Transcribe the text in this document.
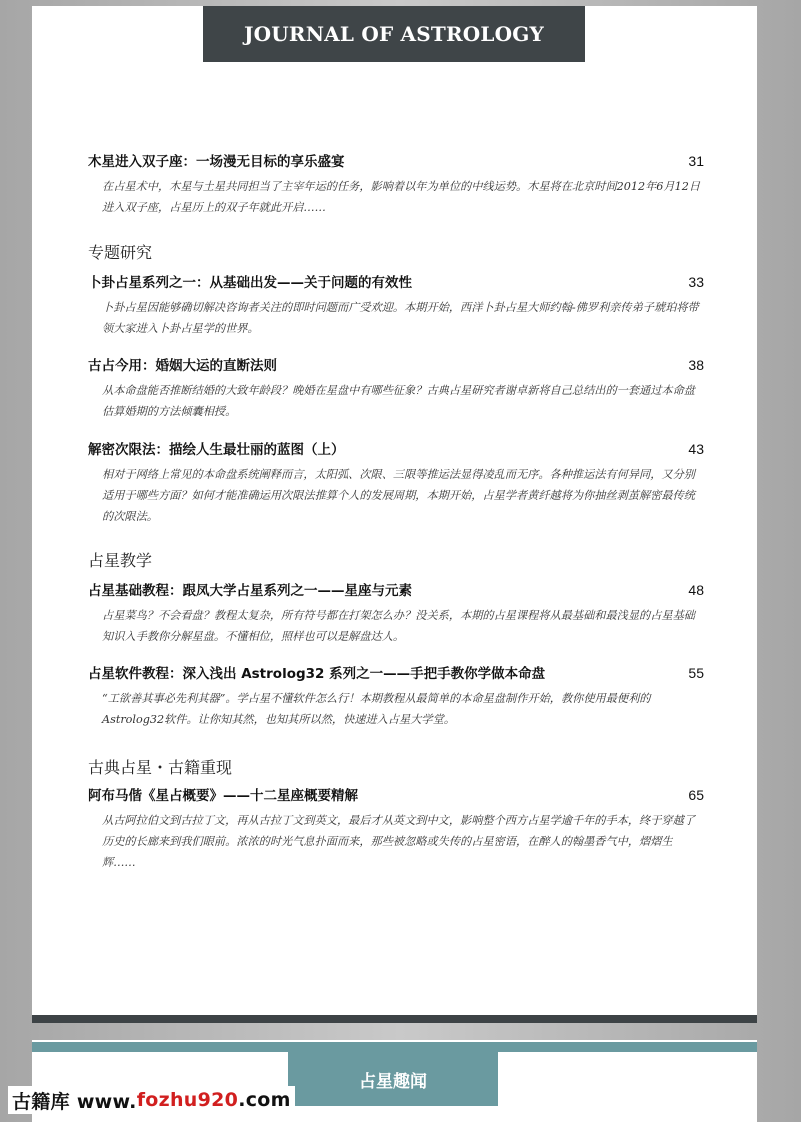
JOURNAL OF ASTROLOGY
木星进入双子座：一场漫无目标的享乐盛宴	31
在占星术中，木星与土星共同担当了主宰年运的任务，影响着以年为单位的中线运势。木星将在北京时间2012年6月12日进入双子座，占星历上的双子年就此开启……
专题研究
卜卦占星系列之一：从基础出发——关于问题的有效性	33
卜卦占星因能够确切解决咨询者关注的即时问题而广受欢迎。本期开始，西洋卜卦占星大师约翰-佛罗利亲传弟子琥珀将带领大家进入卜卦占星学的世界。
古占今用：婚姻大运的直断法则	38
从本命盘能否推断结婚的大致年龄段？晚婚在星盘中有哪些征象？古典占星研究者谢卓新将自己总结出的一套通过本命盘估算婚期的方法倾囊相授。
解密次限法：描绘人生最壮丽的蓝图（上）	43
相对于网络上常见的本命盘系统阐释而言，太阳弧、次限、三限等推运法显得凌乱而无序。各种推运法有何异同，又分别适用于哪些方面？如何才能准确运用次限法推算个人的发展周期，本期开始，占星学者黄纤越将为你抽丝剥茧解密最传统的次限法。
占星教学
占星基础教程：跟凤大学占星系列之一——星座与元素	48
占星菜鸟？不会看盘？教程太复杂，所有符号都在打架怎么办？没关系，本期的占星课程将从最基础和最浅显的占星基础知识入手教你分解星盘。不懂相位，照样也可以是解盘达人。
占星软件教程：深入浅出 Astrolog32 系列之一——手把手教你学做本命盘	55
“工欲善其事必先利其器”。学占星不懂软件怎么行！本期教程从最简单的本命星盘制作开始，教你使用最便利的Astrolog32软件。让你知其然，也知其所以然，快速进入占星大学堂。
古典占星・古籍重现
阿布马偕《星占概要》——十二星座概要精解	65
从古阿拉伯文到古拉丁文，再从古拉丁文到英文，最后才从英文到中文，影响整个西方占星学逾千年的手本，终于穿越了历史的长廊来到我们眼前。浓浓的时光气息扑面而来，那些被忽略或失传的占星密语，在醉人的翰墨香气中，熠熠生辉……
占星趣闻
古籍库 www. fozhu920 .com
